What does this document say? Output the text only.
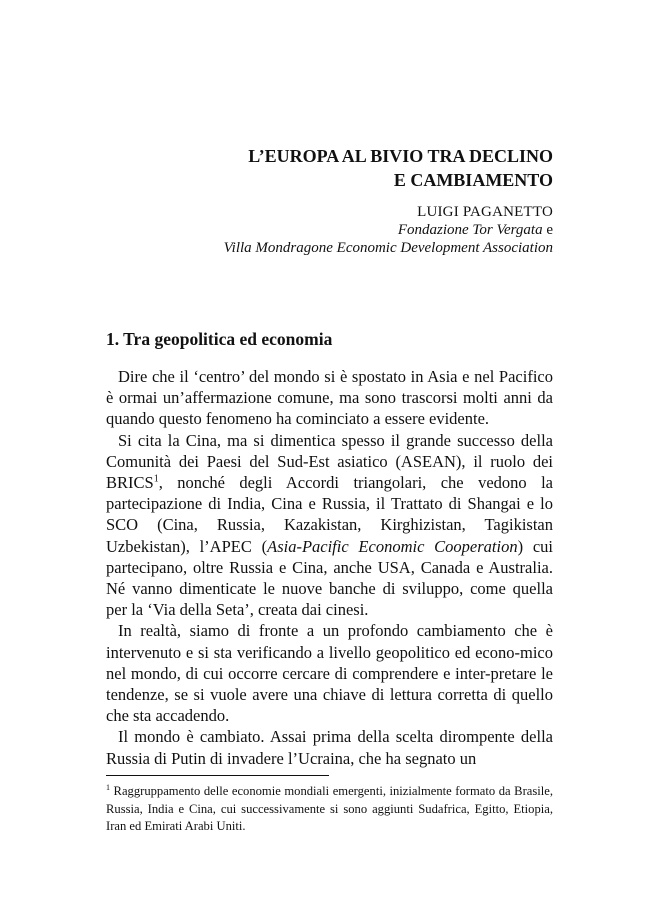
L’EUROPA AL BIVIO TRA DECLINO

E CAMBIAMENTO

LUIGI PAGANETTO
Fondazione Tor Vergata e
Villa Mondragone Economic Development Association
1. Tra geopolitica ed economia

Dire che il ‘centro’ del mondo si è spostato in Asia e nel Pacifico è ormai un’affermazione comune, ma sono trascorsi molti anni da quando questo fenomeno ha cominciato a essere evidente.

Si cita la Cina, ma si dimentica spesso il grande successo della Comunità dei Paesi del Sud-Est asiatico (ASEAN), il ruolo dei BRICS$^1$, nonché degli Accordi triangolari, che vedono la partecipazione di India, Cina e Russia, il Trattato di Shangai e lo SCO (Cina, Russia, Kazakistan, Kirghizistan, Tagikistan Uzbekistan), l’APEC (Asia-Pacific Economic Cooperation) cui partecipano, oltre Russia e Cina, anche USA, Canada e Australia. Né vanno dimenticate le nuove banche di sviluppo, come quella per la ‘Via della Seta’, creata dai cinesi.

In realtà, siamo di fronte a un profondo cambiamento che è intervenuto e si sta verificando a livello geopolitico ed econo-mico nel mondo, di cui occorre cercare di comprendere e inter-pretare le tendenze, se si vuole avere una chiave di lettura corretta di quello che sta accadendo.

Il mondo è cambiato. Assai prima della scelta dirompente della Russia di Putin di invadere l’Ucraina, che ha segnato un

$^1$ Raggruppamento delle economie mondiali emergenti, inizialmente formato da Brasile, Russia, India e Cina, cui successivamente si sono aggiunti Sudafrica, Egitto, Etiopia, Iran ed Emirati Arabi Uniti.
